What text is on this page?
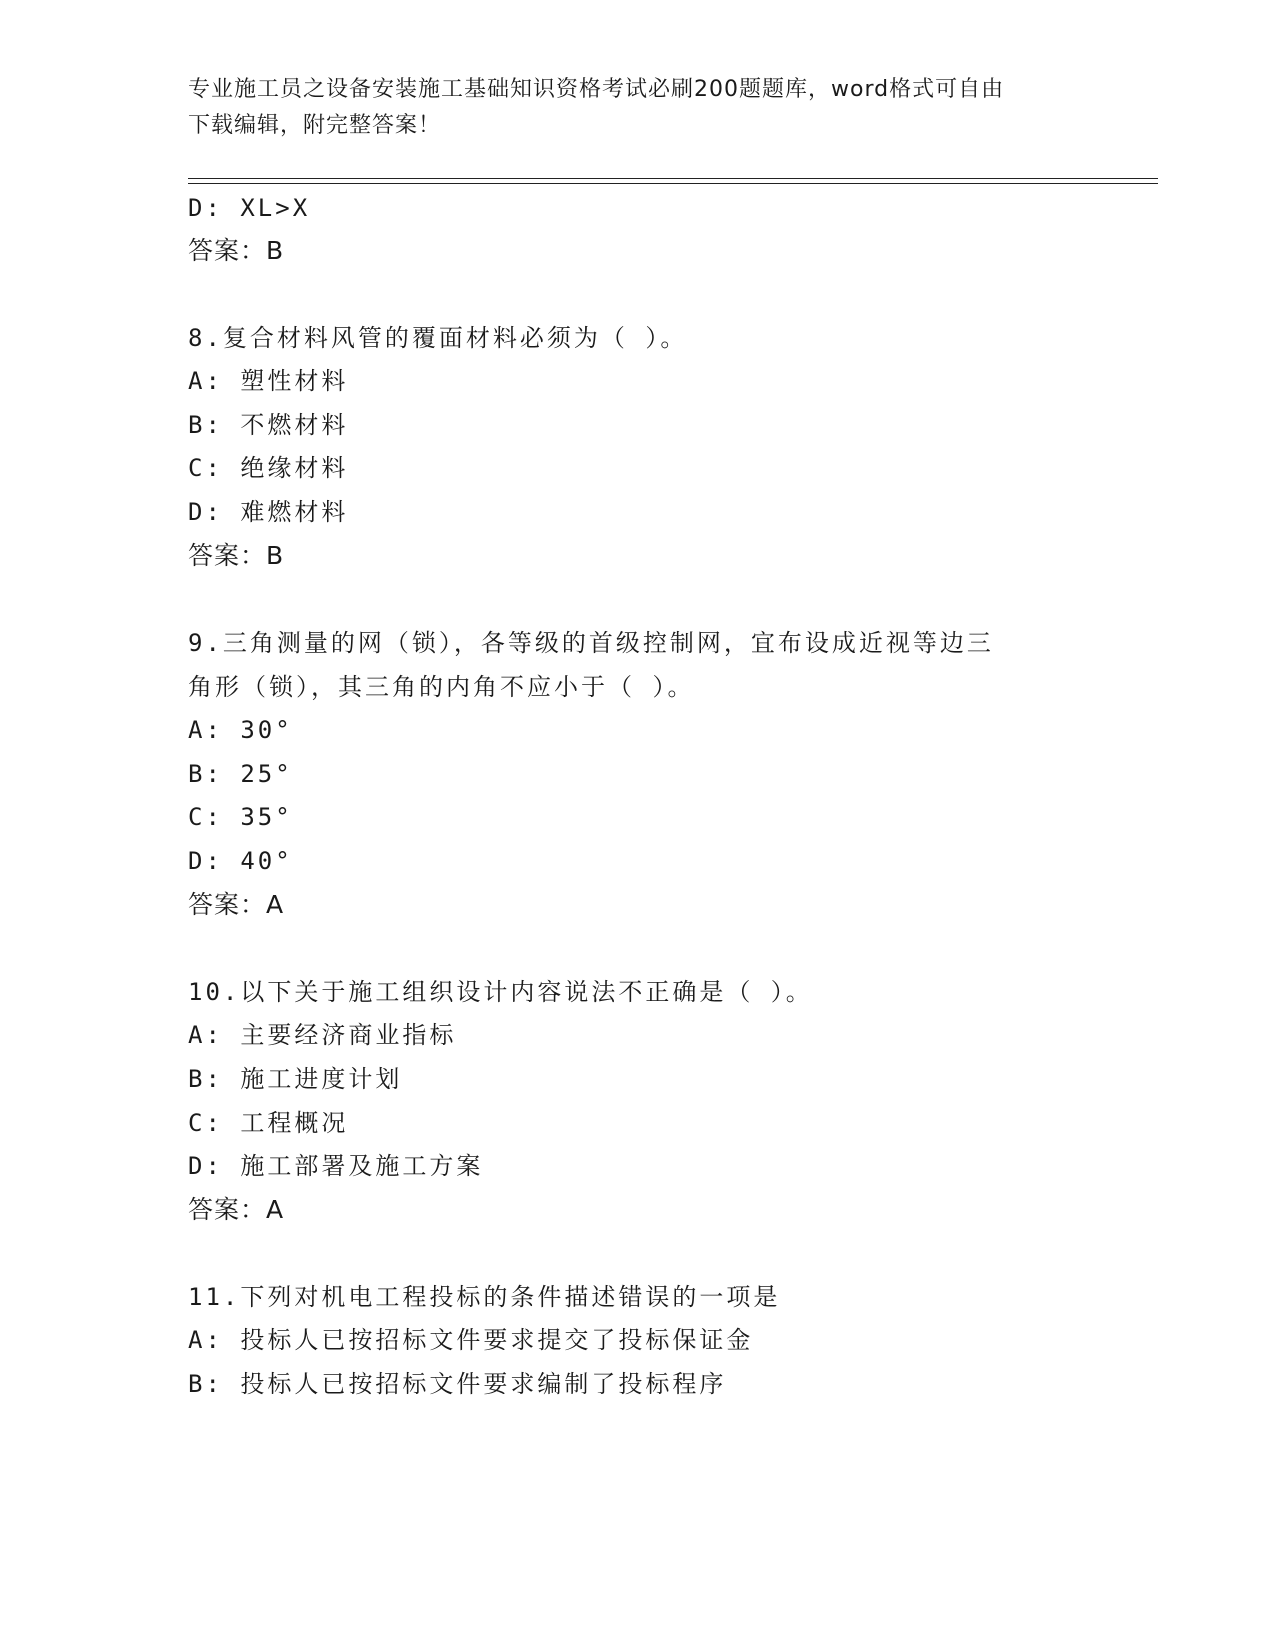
专业施工员之设备安装施工基础知识资格考试必刷200题题库，word格式可自由
下载编辑，附完整答案！
D: XL>X
答案：B
8.复合材料风管的覆面材料必须为（ ）。
A: 塑性材料
B: 不燃材料
C: 绝缘材料
D: 难燃材料
答案：B
9.三角测量的网（锁），各等级的首级控制网，宜布设成近视等边三
角形（锁），其三角的内角不应小于（ ）。
A: 30°
B: 25°
C: 35°
D: 40°
答案：A
10.以下关于施工组织设计内容说法不正确是（ ）。
A: 主要经济商业指标
B: 施工进度计划
C: 工程概况
D: 施工部署及施工方案
答案：A
11.下列对机电工程投标的条件描述错误的一项是
A: 投标人已按招标文件要求提交了投标保证金
B: 投标人已按招标文件要求编制了投标程序
